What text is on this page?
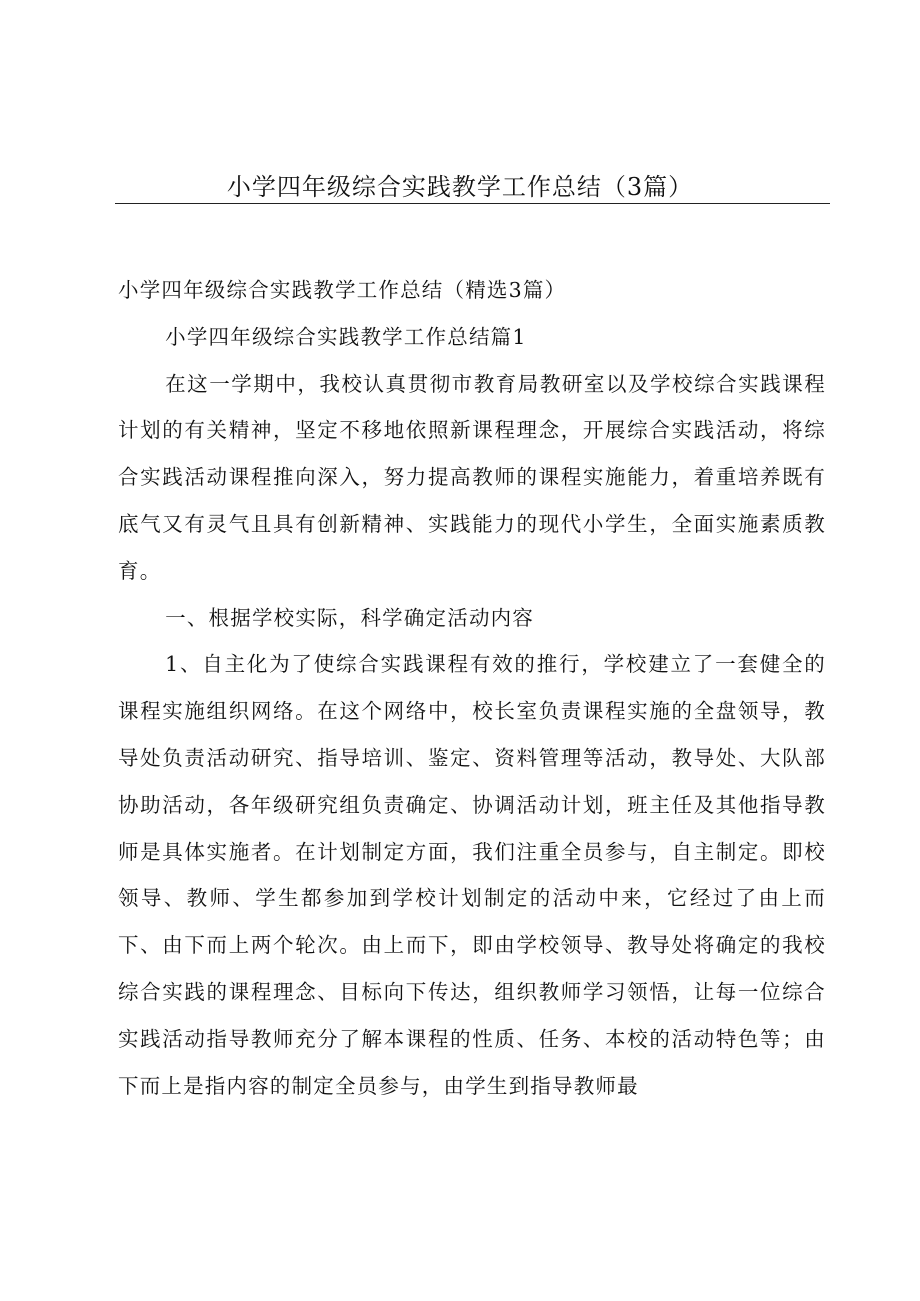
小学四年级综合实践教学工作总结（3篇）

小学四年级综合实践教学工作总结（精选3篇）

小学四年级综合实践教学工作总结篇1

在这一学期中，我校认真贯彻市教育局教研室以及学校综合实践课程计划的有关精神，坚定不移地依照新课程理念，开展综合实践活动，将综合实践活动课程推向深入，努力提高教师的课程实施能力，着重培养既有底气又有灵气且具有创新精神、实践能力的现代小学生，全面实施素质教育。

一、根据学校实际，科学确定活动内容

1、自主化为了使综合实践课程有效的推行，学校建立了一套健全的课程实施组织网络。在这个网络中，校长室负责课程实施的全盘领导，教导处负责活动研究、指导培训、鉴定、资料管理等活动，教导处、大队部协助活动，各年级研究组负责确定、协调活动计划，班主任及其他指导教师是具体实施者。在计划制定方面，我们注重全员参与，自主制定。即校领导、教师、学生都参加到学校计划制定的活动中来，它经过了由上而下、由下而上两个轮次。由上而下，即由学校领导、教导处将确定的我校综合实践的课程理念、目标向下传达，组织教师学习领悟，让每一位综合实践活动指导教师充分了解本课程的性质、任务、本校的活动特色等；由下而上是指内容的制定全员参与，由学生到指导教师最
